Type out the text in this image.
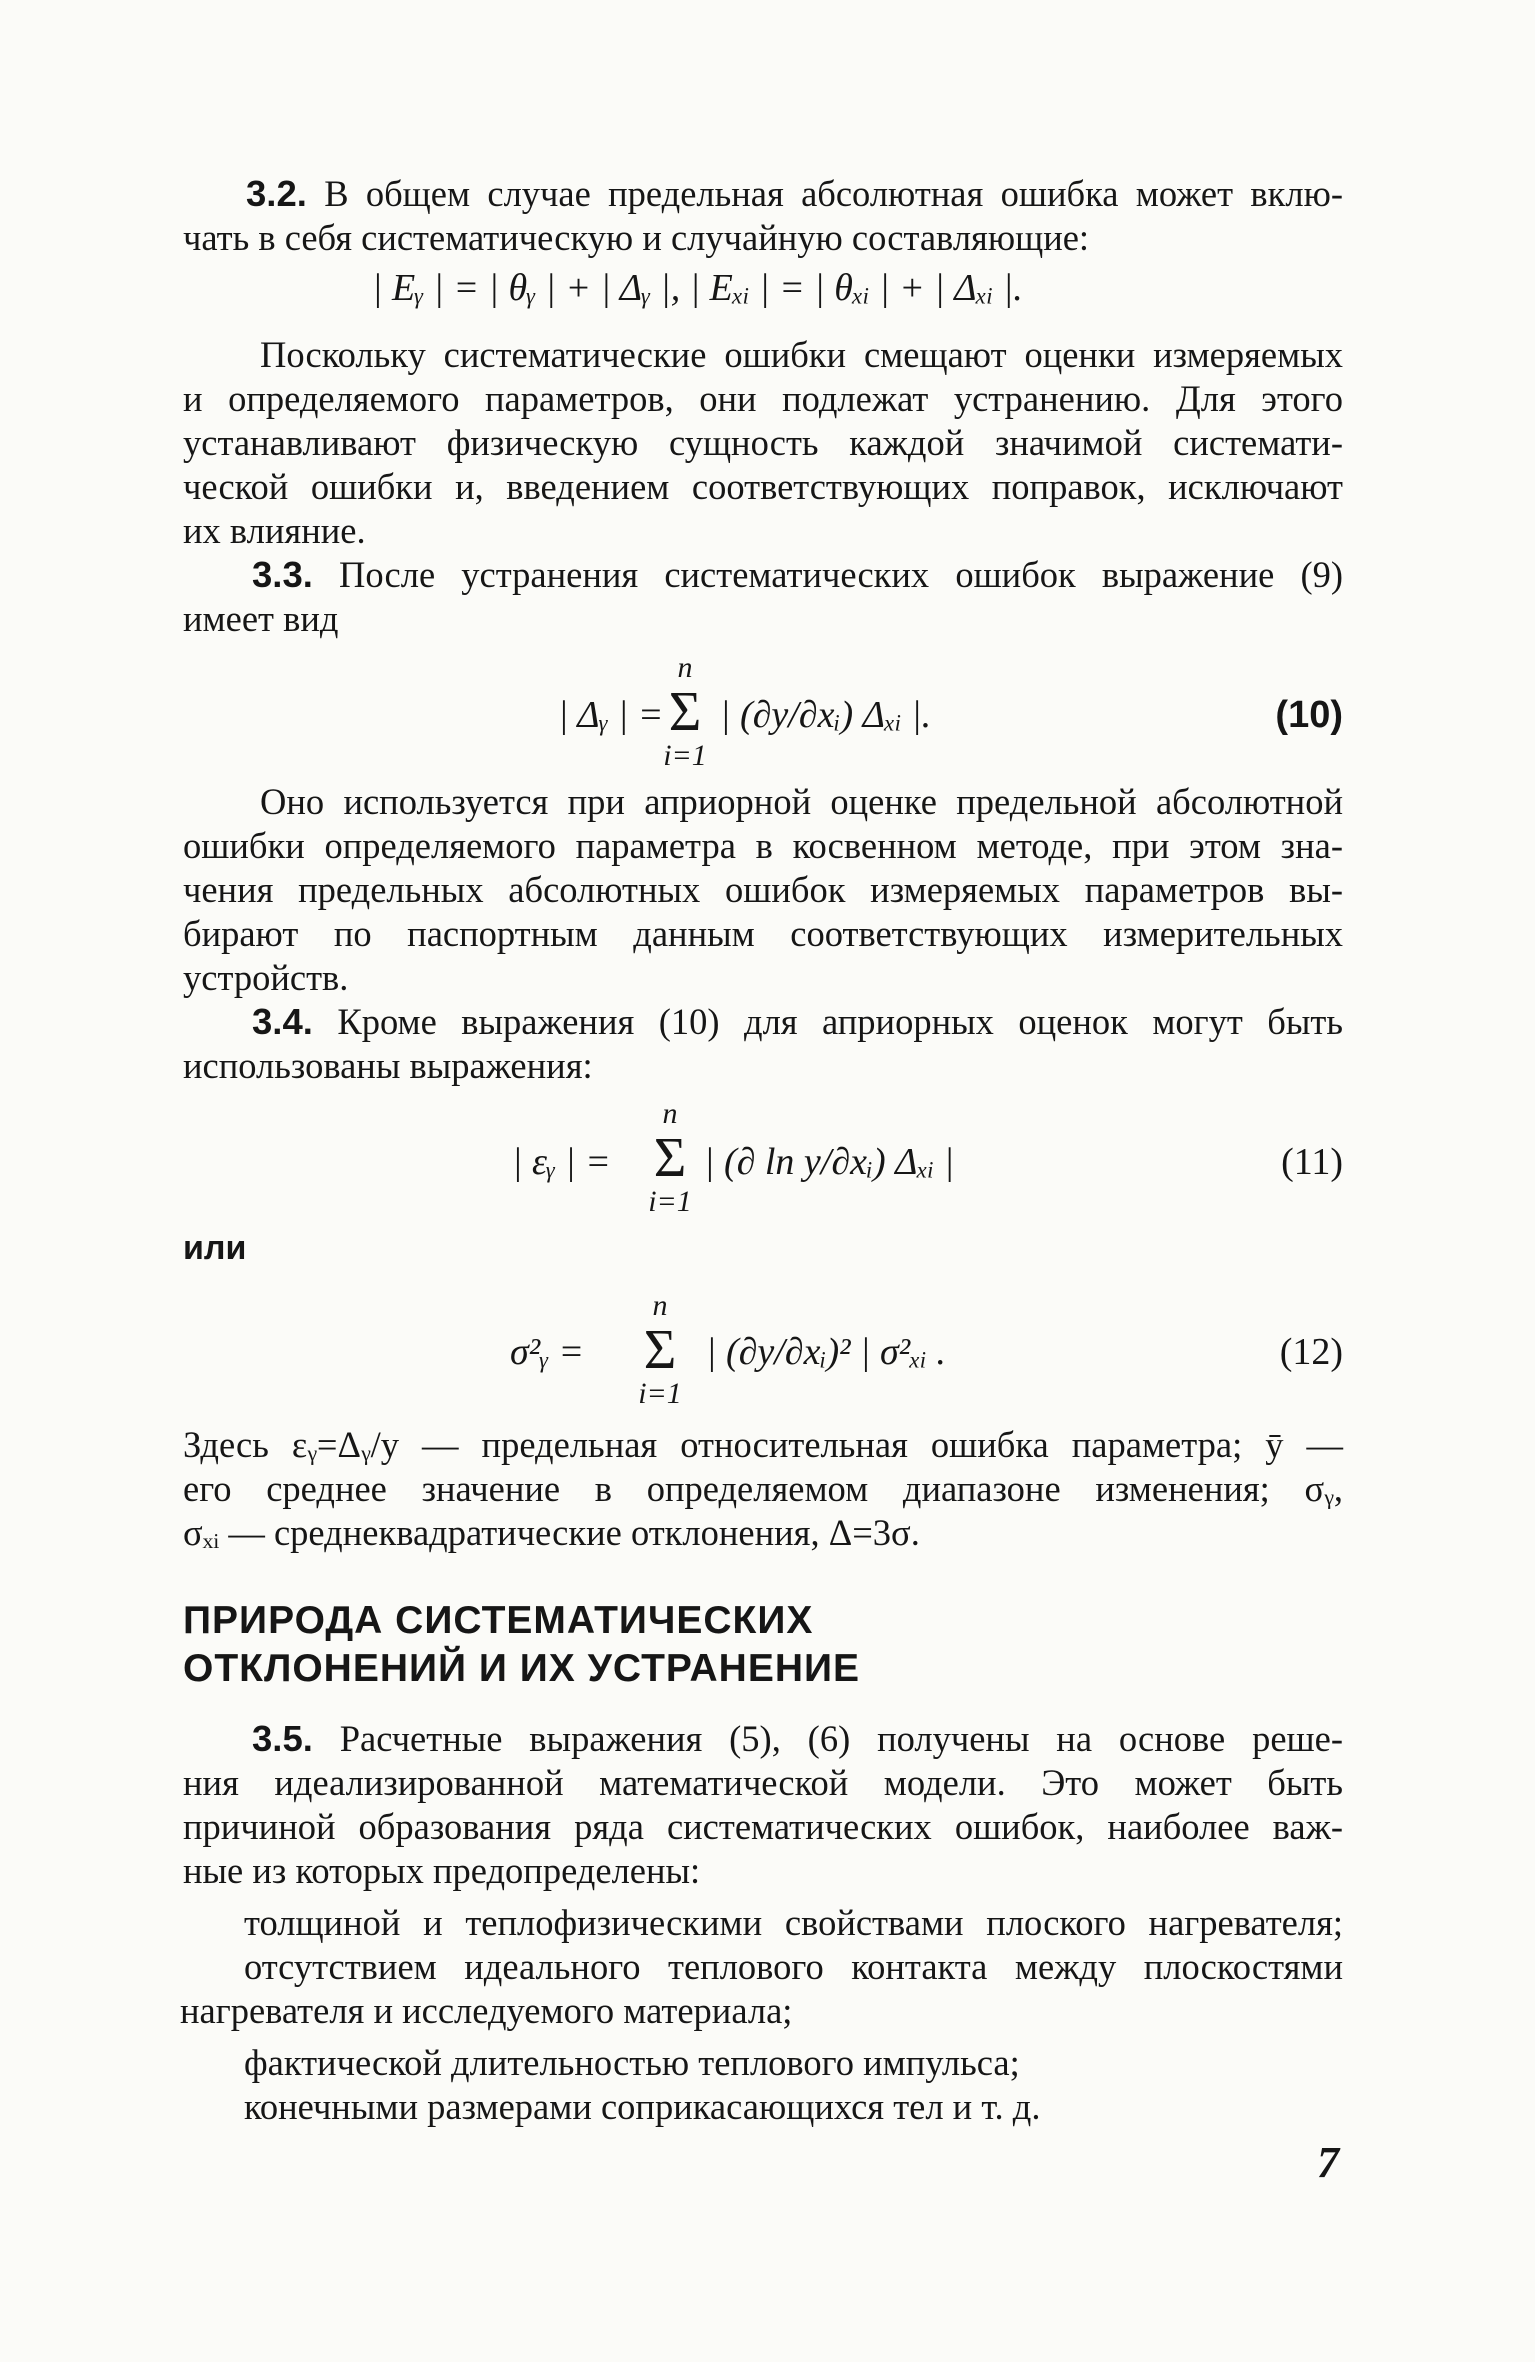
3.2. В общем случае предельная абсолютная ошибка может вклю-
чать в себя систематическую и случайную составляющие:
| Eᵧ | = | θᵧ | + | Δᵧ |, | Eₓᵢ | = | θₓᵢ | + | Δₓᵢ |.
Поскольку систематические ошибки смещают оценки измеряемых
и определяемого параметров, они подлежат устранению. Для этого
устанавливают физическую сущность каждой значимой системати-
ческой ошибки и, введением соответствующих поправок, исключают
их влияние.
3.3. После устранения систематических ошибок выражение (9)
имеет вид
| Δᵧ | =
n
Σ
i=1
| (∂y/∂xᵢ) Δₓᵢ |.	(10)
Оно используется при априорной оценке предельной абсолютной
ошибки определяемого параметра в косвенном методе, при этом зна-
чения предельных абсолютных ошибок измеряемых параметров вы-
бирают по паспортным данным соответствующих измерительных
устройств.
3.4. Кроме выражения (10) для априорных оценок могут быть
использованы выражения:
| εᵧ | =
n
Σ
i=1
| (∂ ln y/∂xᵢ) Δₓᵢ |	(11)
или
σ²ᵧ =
n
Σ
i=1
| (∂y/∂xᵢ)² | σ²ₓᵢ .	(12)
Здесь εᵧ=Δᵧ/y — предельная относительная ошибка параметра; ȳ —
его среднее значение в определяемом диапазоне изменения; σᵧ,
σₓᵢ — среднеквадратические отклонения, Δ=3σ.
ПРИРОДА СИСТЕМАТИЧЕСКИХ
ОТКЛОНЕНИЙ И ИХ УСТРАНЕНИЕ
3.5. Расчетные выражения (5), (6) получены на основе реше-
ния идеализированной математической модели. Это может быть
причиной образования ряда систематических ошибок, наиболее важ-
ные из которых предопределены:
толщиной и теплофизическими свойствами плоского нагревателя;
отсутствием идеального теплового контакта между плоскостями
нагревателя и исследуемого материала;
фактической длительностью теплового импульса;
конечными размерами соприкасающихся тел и т. д.
7
